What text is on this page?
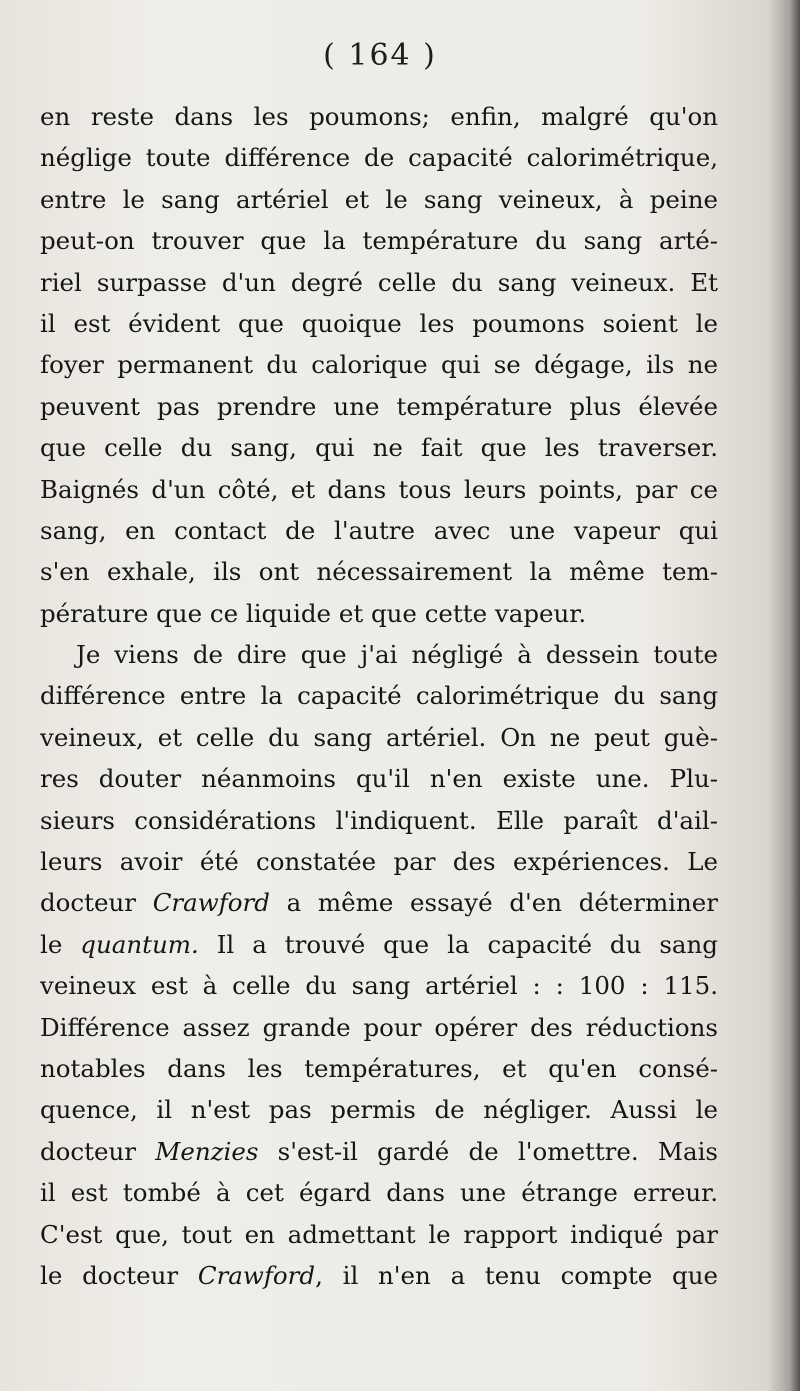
( 164 )
en reste dans les poumons; enfin, malgré qu'on
néglige toute différence de capacité calorimétrique,
entre le sang artériel et le sang veineux, à peine
peut-on trouver que la température du sang arté-
riel surpasse d'un degré celle du sang veineux. Et
il est évident que quoique les poumons soient le
foyer permanent du calorique qui se dégage, ils ne
peuvent pas prendre une température plus élevée
que celle du sang, qui ne fait que les traverser.
Baignés d'un côté, et dans tous leurs points, par ce
sang, en contact de l'autre avec une vapeur qui
s'en exhale, ils ont nécessairement la même tem-
pérature que ce liquide et que cette vapeur.
Je viens de dire que j'ai négligé à dessein toute
différence entre la capacité calorimétrique du sang
veineux, et celle du sang artériel. On ne peut guè-
res douter néanmoins qu'il n'en existe une. Plu-
sieurs considérations l'indiquent. Elle paraît d'ail-
leurs avoir été constatée par des expériences. Le
docteur Crawford a même essayé d'en déterminer
le quantum. Il a trouvé que la capacité du sang
veineux est à celle du sang artériel : : 100 : 115.
Différence assez grande pour opérer des réductions
notables dans les températures, et qu'en consé-
quence, il n'est pas permis de négliger. Aussi le
docteur Menzies s'est-il gardé de l'omettre. Mais
il est tombé à cet égard dans une étrange erreur.
C'est que, tout en admettant le rapport indiqué par
le docteur Crawford, il n'en a tenu compte que
